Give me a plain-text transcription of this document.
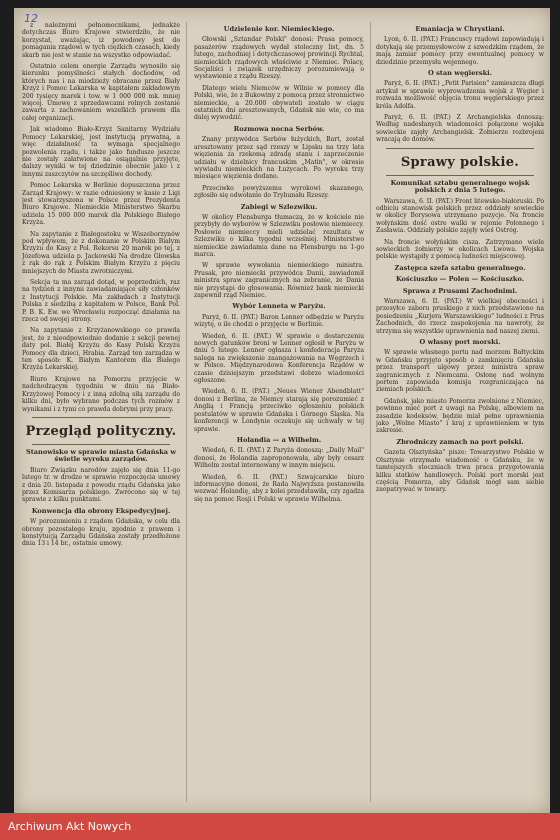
12

z należnymi pełnomocnikami, jednakże dotychczas Biuro Krajowe stwierdziło, że nie korzystał, uważając, iż powodowy jest do pomagania rządowi w tych ciężkich czasach, kiedy skarb nie jest w stanie na wszystko odpowiadać.

Ostatnio celem energie Zarządu wynosiło się kierunku pomyślności stałych dochodów, od których nas i na miodzieży obracane przez Biały Krzyż i Pomoc Lekarska w kapitałem zakładowym 200 tysięcy marek i tow. w 1 000 000 mk. mniej więcej. Umowę z sprzedawcami rolnych zostanie zawarta z zachowaniem wszelkich prawem dla całej organizacji.

Jak wiadomo Biało-Krzyż Sanitarny Wydziału Pomocy Lekarskiej, jest instytucją prywatną, a więc działalność ta wymaga specjalnego pozwolenia rządu, i także jako fundusze jeszcze nie zostały załatwione na osiągalnie przyjęte, dalszy wyniki w tej dziedzinie obecnie jako i z innymi zaszczytów na szczęśliwe dochody.

Pomoc Lekarska w Berlinie dopuszczona przez Zarząd Krajowy: w razie odniesiony w kasie z Ligi jest stowarzyszona w Polsce przez Prezydenta Biuro Krajowe. Niemieckie Ministerstwo Skarbu udziela 15 000 000 marek dla Polskiego Białego Krzyża.

Na zapytanie z Białegostoku w Wiszeborzynów pod wpływem, że z dokonanie w Polskim Białym Krzyżu do Kasy z Pol. Rekorsu 20 marek po tej, z Józefowa udziela p. Jackowski Na drodze Głowska z rąk do rąk z Polskim Białym Krzyżu z pięciu mniejszych do Miasta zwrotniczymi.

Sekcja ta ma zarząd dotąd, w poprzednich, raz na tydzień z innymi zawiadamiające siły członków z Instytucji Polskie. Ma zakładach z Instytucji Polska z siedzibą z kapitałem w Polsce, Bank Pol. P. B. K. Ew. we Wrocławiu rozpocząć działania na rzecz od swojej strony.

Na zapytanie z Krzyżanowskiego co prawda jest, że z nieodpowiednio dodanie z sekcji pewnej daty pol. Białej Krzyżu do Kasy Polski Krzyżu Pomocy dla dzieci, Hrabia. Zarząd ten zarządza w ten sposób: K. Białym Kantorem dla Białego Krzyża Lekarskiej.

Biuro Krajowe na Pomorzu przyjęcie w nadchodzącym tygodniu w dniu na Biało-Krzyżowej Pomocy i z inną zdolną siłą zarządu do kilku dni, było wybrane podczas tych rozmów z wynikami i z tymi co prawda dobrymi przy pracy.

Przegląd polityczny.

Stanowisko w sprawie miasta Gdańska w świetle wyroku zarządów.

Biuro Związku narodów zajęło się dnia 11-go lutego tr. w drodze w sprawie rozpoczęcia umowy z dnia 20. listopada z powodu rządu Gdańska jako przez Komisarza polskiego. Zwrócono się w tej sprawie z kilku punktami.

Konwencja dla obrony Ekspedycyjnej.

W porozumieniu z rządem Gdańska, w celu dla obrony pozostałego kraju, zgodnie z prawem i konstytucją Zarządu Gdańska zostały przedłożone dnia 13 i 14 br., ostatnie umowy.

Udzielenie kor. Niemieckiego.

Głowski „Sztandar Polski" donosi: Prasa pomocy, pasażerów rządowych wydał stoleczny list, dn. 5 lutego, zachodniej i dotychczasowej prowincji Rychtal, niemieckich rządowych właściwie z Niemiec. Polacy, Socjaliści i związek urzędniczy porozumiewają o wystawienie z rządu Rzeszy.

Dlatego wielu Niemców w Wilnie w pomocy dla Polski, wie, że z Bukowiny z pomocą przez stronnictwo niemieckie, a 20.000 obywateli zostało w ciągu ostatnich dni aresztowanych, Gdańsk nie wie, co ma dalej wywodzić.

Rozmowa nocna Serbów.

Znany przywódca Serbów łużyckich, Bart, został aresztowany przez sąd rzeszy w Lipsku na trzy lata więzienia za rzekomą zdradę stanu i zaprzeczenie udziału w dzielnicy francuskim „Matin", w okresie wywiadu niemieckich na Łużycach. Po wyroku trzy miesiące więzienia dodano.

Przeciwko powyższemu wyrokowi skazanego, zgłosiło się odwołanie do Trybunału Rzeszy.

Zabiegi w Szlezwiku.

W okolicy Flensburga tłumaczą, że w kościele nie przybyły do wyborów w Szlezwiku posłowie niemieccy. Posłowie niemieccy mieli udzielać rezultatu w Szlezwiku o kilka tygodni wcześniej. Ministerstwo niemieckie zawiadamia dane na Flensburgu na 1-go marca.

W sprawie wywołania niemieckiego ministra. Prusak, pro niemiecki przywódca Danii, zawiadomił ministra spraw zagranicznych na zebranie, że Dania nie przystąpi do głosowania. Również bank niemiecki zapewnił rząd Niemiec.

Wybór Lenneta w Paryżu.

Paryż, 6. II. (PAT.) Baron Lenner odbędzie w Paryżu wizytę, o ile chodzi o przyjęcie w Berlinie.

Wiedeń, 6. II. (PAT.) W sprawie o dostarczeniu nowych gatunków broni w Lenner ogłosił w Paryżu w dniu 5 lutego. Lenner ogłasza i konfederacja Paryża nalega na zwiększenie zaangażowania na Węgrzech i w Polsce. Międzynarodowa Konferencja Rządów w czasie dzisiejszym przedstawi dobrze wiadomości ogłoszone.

Wiedeń, 6. II. (PAT.) „Neues Wiener Abendblatt" donosi z Berlina, że Niemcy starają się porozumieć z Anglią i Francją przeciwko ogłoszeniu polskich postulatów w sprawie Gdańska i Górnego Śląska. Na konferencji w Londynie oczekuje się uchwały w tej sprawie.

Holandia — a Wilhelm.

Wiedeń, 6. II. (PAT.) Z Paryża donoszą: „Daily Mail" donosi, że Holandia zaproponowała, aby były cesarz Wilhelm został internowany w innym miejscu.

Wiedeń, 6. II. (PAT.) Szwajcarskie biuro informacyjne donosi, że Rada Najwyższa postanowiła wezwać Holandię, aby z kolei przedstawiła, czy zgadza się na pomoc Rosji i Polski w sprawie Wilhelma.

Emaniacja w Chrystiani.

Lyon, 6. II. (PAT.) Francuscy rządowi zapowiadają i dotykają się przemysłowców z szwedzkim rządem, że mają zamiar pomocy przy ewentualnej pomocy w dziedzinie przemysłu wojennego.

O stan węgierski.

Paryż, 6. II. (PAT.) „Petit Parisien" zamieszcza długi artykuł w sprawie wyprowadzenia wojsk z Węgier i rozważa możliwość objęcia tronu węgierskiego przez króla Adolfa.

Paryż, 6. II. (PAT.) Z Archangielska donoszą: Według nadesłanych wiadomości połączone wojska sowieckie zajęły Archangielsk. Żołnierze rozbrojeni wracają do domów.

Sprawy polskie.

Komunikat sztabu generalnego wojsk polskich z dnia 5 lutego.

Warszawa, 6. II. (PAT.) Front litewsko-białoruski. Po odbiciu stanowisk polskich przez oddziały sowieckie w okolicy Borysowa utrzymano pozycje. Na froncie wołyńskim dość ostre walki w rejonie Połonnego i Zasławia. Oddziały polskie zajęły wieś Ostróg.

Na froncie wołyńskim cisza. Zatrzymano wiele sowieckich żołnierzy w okolicach Lwowa. Wojska polskie wystąpiły z pomocą ludności miejscowej.

Zastępca szefa sztabu generalnego.

Kościuszko — Polen — Kościuszko.

Sprawa z Prusami Zachodnimi.

Warszawa, 6. II. (PAT.) W wielkiej obecności i przesyłce zaboru pruskiego z nich przedstawiono na posiedzeniu „Kurjera Warszawskiego" ludności z Prus Zachodnich, do rzecz zaspokojenia na nawroty, że utrzyma się wszystkie uprawnienia nad naszej ziemi.

O własny port morski.

W sprawie własnego portu nad morzem Bałtyckim w Gdańsku przyjęto sposób o zamknięciu Gdańska przez transport ulgowy przez ministra spraw zagranicznych z Niemcami. Osłonę nad wolnym portem zapowiada komisja rozgraniczająca na ziemiach polskich.

Gdańsk, jako miasto Pomorza zwolnione z Niemiec, powinno mieć port z uwagi na Polskę, albowiem na zasadzie kodeksów, będzie miał pełne uprawnienia jako „Wolne Miasto" i kraj z uprawnieniem w tym zakresie.

Zbrodniczy zamach na port polski.

Gazeta Olsztyńska" pisze: Towarzystwo Polskie w Olsztynie otrzymało wiadomość o Gdańsku, że w tamtejszych stoczniach trwa praca przygotowania kilku statków handlowych. Polski port morski jest częścią Pomorza, aby Gdańsk mógł sam siebie zaopatrywać w towary.

Archiwum Akt Nowych
